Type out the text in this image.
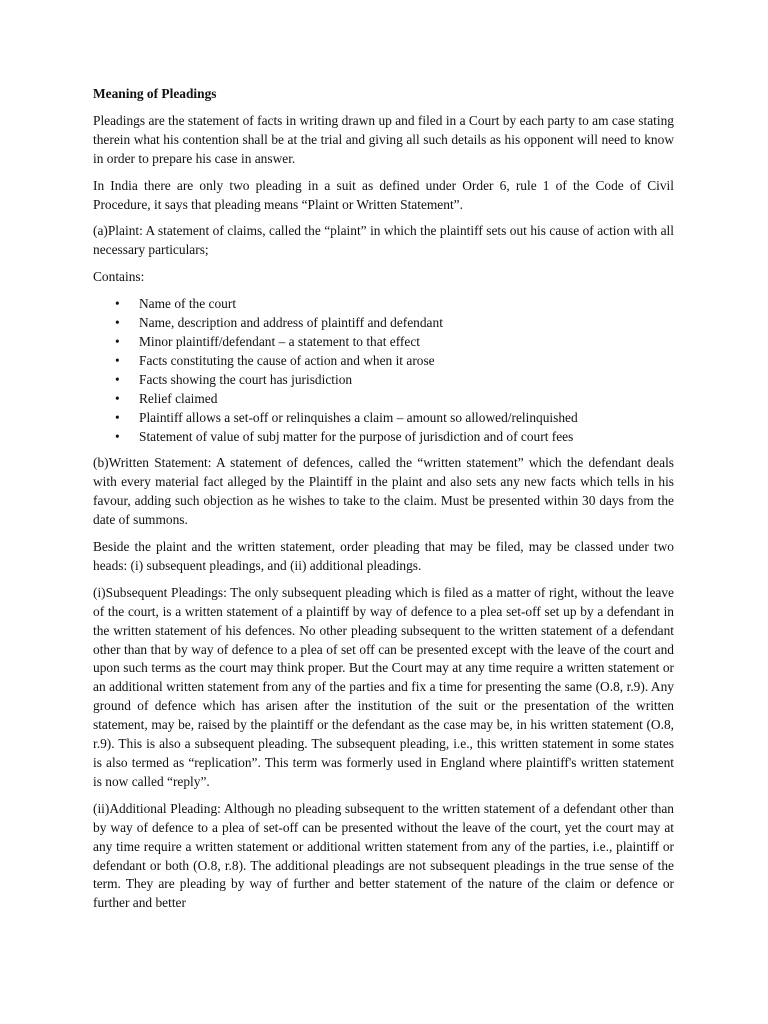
Meaning of Pleadings

Pleadings are the statement of facts in writing drawn up and filed in a Court by each party to am case stating therein what his contention shall be at the trial and giving all such details as his opponent will need to know in order to prepare his case in answer.

In India there are only two pleading in a suit as defined under Order 6, rule 1 of the Code of Civil Procedure, it says that pleading means “Plaint or Written Statement”.

(a)Plaint: A statement of claims, called the “plaint” in which the plaintiff sets out his cause of action with all necessary particulars;

Contains:

• Name of the court
• Name, description and address of plaintiff and defendant
• Minor plaintiff/defendant – a statement to that effect
• Facts constituting the cause of action and when it arose
• Facts showing the court has jurisdiction
• Relief claimed
• Plaintiff allows a set-off or relinquishes a claim – amount so allowed/relinquished
• Statement of value of subj matter for the purpose of jurisdiction and of court fees

(b)Written Statement: A statement of defences, called the “written statement” which the defendant deals with every material fact alleged by the Plaintiff in the plaint and also sets any new facts which tells in his favour, adding such objection as he wishes to take to the claim. Must be presented within 30 days from the date of summons.

Beside the plaint and the written statement, order pleading that may be filed, may be classed under two heads: (i) subsequent pleadings, and (ii) additional pleadings.

(i)Subsequent Pleadings: The only subsequent pleading which is filed as a matter of right, without the leave of the court, is a written statement of a plaintiff by way of defence to a plea set-off set up by a defendant in the written statement of his defences. No other pleading subsequent to the written statement of a defendant other than that by way of defence to a plea of set off can be presented except with the leave of the court and upon such terms as the court may think proper. But the Court may at any time require a written statement or an additional written statement from any of the parties and fix a time for presenting the same (O.8, r.9). Any ground of defence which has arisen after the institution of the suit or the presentation of the written statement, may be, raised by the plaintiff or the defendant as the case may be, in his written statement (O.8, r.9). This is also a subsequent pleading. The subsequent pleading, i.e., this written statement in some states is also termed as “replication”. This term was formerly used in England where plaintiff's written statement is now called “reply”.

(ii)Additional Pleading: Although no pleading subsequent to the written statement of a defendant other than by way of defence to a plea of set-off can be presented without the leave of the court, yet the court may at any time require a written statement or additional written statement from any of the parties, i.e., plaintiff or defendant or both (O.8, r.8). The additional pleadings are not subsequent pleadings in the true sense of the term. They are pleading by way of further and better statement of the nature of the claim or defence or further and better
